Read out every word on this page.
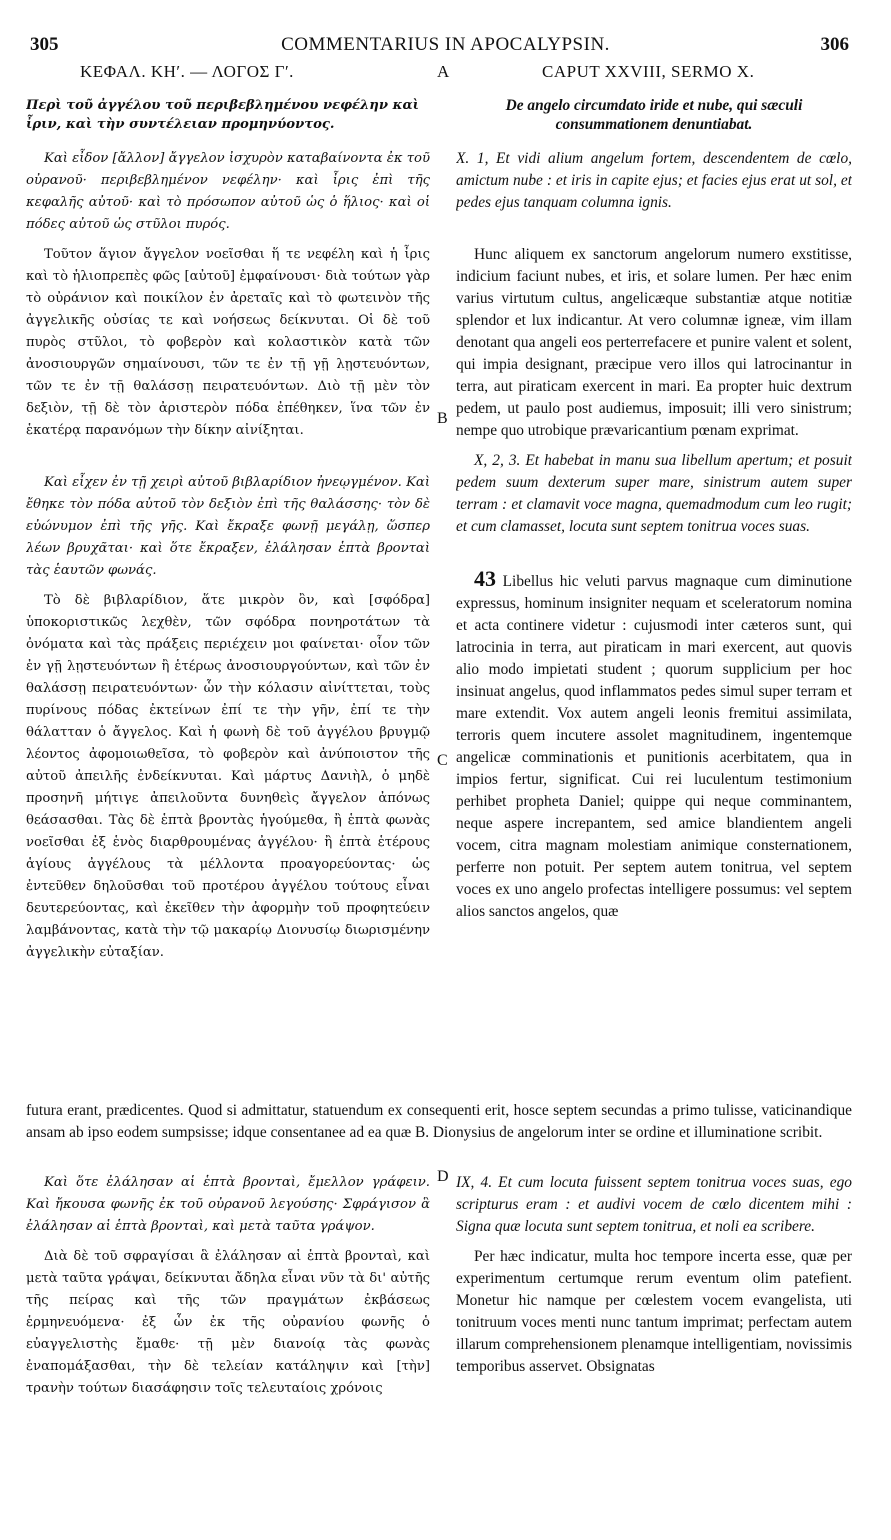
305	COMMENTARIUS IN APOCALYPSIN.	306
ΚΕΦΑΛ. ΚΗʹ. — ΛΟΓΟΣ Γʹ.	A	CAPUT XXVIII, SERMO X.
B
C
D

Περὶ τοῦ ἀγγέλου τοῦ περιβεβλημένου νεφέλην καὶ ἶριν, καὶ τὴν συντέλειαν προμηνύοντος.

Καὶ εἶδον [ἄλλον] ἄγγελον ἰσχυρὸν καταβαίνοντα ἐκ τοῦ οὐρανοῦ· περιβεβλημένον νεφέλην· καὶ ἶρις ἐπὶ τῆς κεφαλῆς αὐτοῦ· καὶ τὸ πρόσωπον αὐτοῦ ὡς ὁ ἥλιος· καὶ οἱ πόδες αὐτοῦ ὡς στῦλοι πυρός.

Τοῦτον ἅγιον ἄγγελον νοεῖσθαι ἥ τε νεφέλη καὶ ἡ ἶρις καὶ τὸ ἡλιοπρεπὲς φῶς [αὐτοῦ] ἐμφαίνουσι· διὰ τούτων γὰρ τὸ οὐράνιον καὶ ποικίλον ἐν ἀρεταῖς καὶ τὸ φωτεινὸν τῆς ἀγγελικῆς οὐσίας τε καὶ νοήσεως δείκνυται. Οἱ δὲ τοῦ πυρὸς στῦλοι, τὸ φοβερὸν καὶ κολαστικὸν κατὰ τῶν ἀνοσιουργῶν σημαίνουσι, τῶν τε ἐν τῇ γῇ λῃστευόντων, τῶν τε ἐν τῇ θαλάσσῃ πειρατευόντων. Διὸ τῇ μὲν τὸν δεξιὸν, τῇ δὲ τὸν ἀριστερὸν πόδα ἐπέθηκεν, ἵνα τῶν ἐν ἑκατέρᾳ παρανόμων τὴν δίκην αἰνίξηται.

Καὶ εἶχεν ἐν τῇ χειρὶ αὐτοῦ βιβλαρίδιον ἠνεῳγμένον. Καὶ ἔθηκε τὸν πόδα αὐτοῦ τὸν δεξιὸν ἐπὶ τῆς θαλάσσης· τὸν δὲ εὐώνυμον ἐπὶ τῆς γῆς. Καὶ ἔκραξε φωνῇ μεγάλῃ, ὥσπερ λέων βρυχᾶται· καὶ ὅτε ἔκραξεν, ἐλάλησαν ἑπτὰ βρονταὶ τὰς ἑαυτῶν φωνάς.

Τὸ δὲ βιβλαρίδιον, ἅτε μικρὸν ὂν, καὶ [σφόδρα] ὑποκοριστικῶς λεχθὲν, τῶν σφόδρα πονηροτάτων τὰ ὀνόματα καὶ τὰς πράξεις περιέχειν μοι φαίνεται· οἷον τῶν ἐν γῇ λῃστευόντων ἢ ἑτέρως ἀνοσιουργούντων, καὶ τῶν ἐν θαλάσσῃ πειρατευόντων· ὧν τὴν κόλασιν αἰνίττεται, τοὺς πυρίνους πόδας ἐκτείνων ἐπί τε τὴν γῆν, ἐπί τε τὴν θάλατταν ὁ ἄγγελος. Καὶ ἡ φωνὴ δὲ τοῦ ἀγγέλου βρυγμῷ λέοντος ἀφομοιωθεῖσα, τὸ φοβερὸν καὶ ἀνύποιστον τῆς αὐτοῦ ἀπειλῆς ἐνδείκνυται. Καὶ μάρτυς Δανιὴλ, ὁ μηδὲ προσηνῆ μήτιγε ἀπειλοῦντα δυνηθεὶς ἄγγελον ἀπόνως θεάσασθαι. Τὰς δὲ ἑπτὰ βροντὰς ἡγούμεθα, ἢ ἑπτὰ φωνὰς νοεῖσθαι ἐξ ἑνὸς διαρθρουμένας ἀγγέλου· ἢ ἑπτὰ ἑτέρους ἁγίους ἀγγέλους τὰ μέλλοντα προαγορεύοντας· ὡς ἐντεῦθεν δηλοῦσθαι τοῦ προτέρου ἀγγέλου τούτους εἶναι δευτερεύοντας, καὶ ἐκεῖθεν τὴν ἀφορμὴν τοῦ προφητεύειν λαμβάνοντας, κατὰ τὴν τῷ μακαρίῳ Διονυσίῳ διωρισμένην ἀγγελικὴν εὐταξίαν.

De angelo circumdato iride et nube, qui sæculi consummationem denuntiabat.

X. 1, Et vidi alium angelum fortem, descendentem de cœlo, amictum nube : et iris in capite ejus; et facies ejus erat ut sol, et pedes ejus tanquam columna ignis.

Hunc aliquem ex sanctorum angelorum numero exstitisse, indicium faciunt nubes, et iris, et solare lumen. Per hæc enim varius virtutum cultus, angelicæque substantiæ atque notitiæ splendor et lux indicantur. At vero columnæ igneæ, vim illam denotant qua angeli eos perterrefacere et punire valent et solent, qui impia designant, præcipue vero illos qui latrocinantur in terra, aut piraticam exercent in mari. Ea propter huic dextrum pedem, ut paulo post audiemus, imposuit; illi vero sinistrum; nempe quo utrobique prævaricantium pœnam exprimat.

X, 2, 3. Et habebat in manu sua libellum apertum; et posuit pedem suum dexterum super mare, sinistrum autem super terram : et clamavit voce magna, quemadmodum cum leo rugit; et cum clamasset, locuta sunt septem tonitrua voces suas.

43 Libellus hic veluti parvus magnaque cum diminutione expressus, hominum insigniter nequam et sceleratorum nomina et acta continere videtur : cujusmodi inter cæteros sunt, qui latrocinia in terra, aut piraticam in mari exercent, aut quovis alio modo impietati student ; quorum supplicium per hoc insinuat angelus, quod inflammatos pedes simul super terram et mare extendit. Vox autem angeli leonis fremitui assimilata, terroris quem incutere assolet magnitudinem, ingentemque angelicæ comminationis et punitionis acerbitatem, qua in impios fertur, significat. Cui rei luculentum testimonium perhibet propheta Daniel; quippe qui neque comminantem, neque aspere increpantem, sed amice blandientem angeli vocem, citra magnam molestiam animique consternationem, perferre non potuit. Per septem autem tonitrua, vel septem voces ex uno angelo profectas intelligere possumus: vel septem alios sanctos angelos, quæ

futura erant, prædicentes. Quod si admittatur, statuendum ex consequenti erit, hosce septem secundas a primo tulisse, vaticinandique ansam ab ipso eodem sumpsisse; idque consentanee ad ea quæ B. Dionysius de angelorum inter se ordine et illuminatione scribit.

Καὶ ὅτε ἐλάλησαν αἱ ἑπτὰ βρονταὶ, ἔμελλον γράφειν. Καὶ ἤκουσα φωνῆς ἐκ τοῦ οὐρανοῦ λεγούσης· Σφράγισον ἃ ἐλάλησαν αἱ ἑπτὰ βρονταὶ, καὶ μετὰ ταῦτα γράψον.

Διὰ δὲ τοῦ σφραγίσαι ἃ ἐλάλησαν αἱ ἑπτὰ βρονταὶ, καὶ μετὰ ταῦτα γράψαι, δείκνυται ἄδηλα εἶναι νῦν τὰ δι' αὐτῆς τῆς πείρας καὶ τῆς τῶν πραγμάτων ἐκβάσεως ἑρμηνευόμενα· ἐξ ὧν ἐκ τῆς οὐρανίου φωνῆς ὁ εὐαγγελιστὴς ἔμαθε· τῇ μὲν διανοίᾳ τὰς φωνὰς ἐναπομάξασθαι, τὴν δὲ τελείαν κατάληψιν καὶ [τὴν] τρανὴν τούτων διασάφησιν τοῖς τελευταίοις χρόνοις

IX, 4. Et cum locuta fuissent septem tonitrua voces suas, ego scripturus eram : et audivi vocem de cœlo dicentem mihi : Signa quæ locuta sunt septem tonitrua, et noli ea scribere.

Per hæc indicatur, multa hoc tempore incerta esse, quæ per experimentum certumque rerum eventum olim patefient. Monetur hic namque per cœlestem vocem evangelista, uti tonitruum voces menti nunc tantum imprimat; perfectam autem illarum comprehensionem plenamque intelligentiam, novissimis temporibus asservet. Obsignatas
